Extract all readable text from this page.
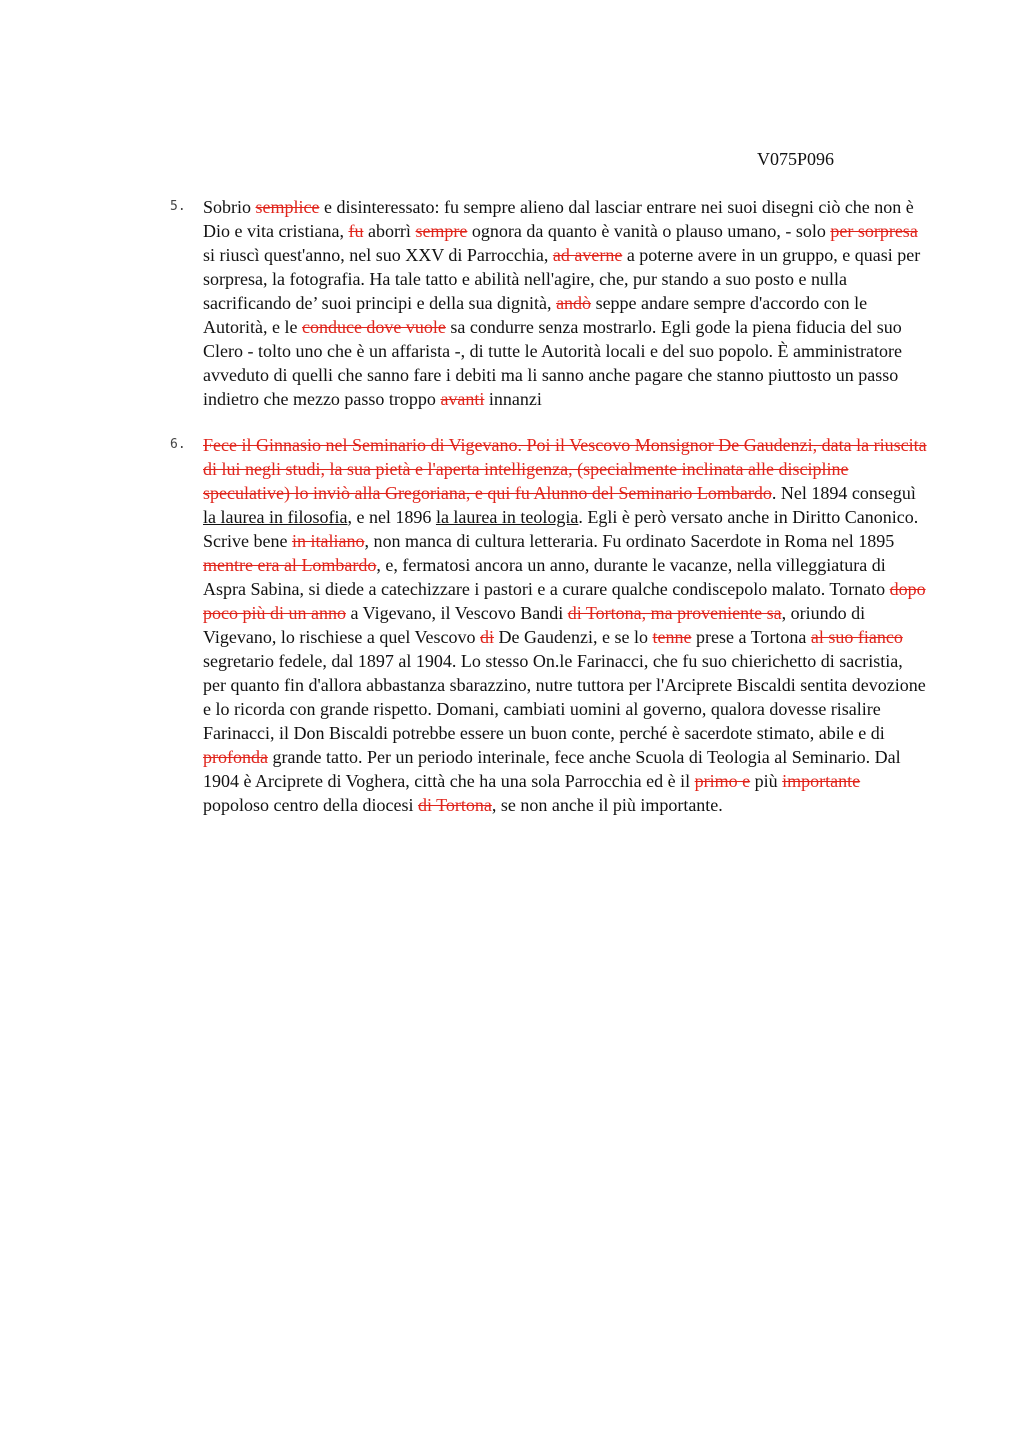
V075P096
5. Sobrio semplice e disinteressato: fu sempre alieno dal lasciar entrare nei suoi disegni ciò che non è Dio e vita cristiana, fu aborrì sempre ognora da quanto è vanità o plauso umano, - solo per sorpresa si riuscì quest'anno, nel suo XXV di Parrocchia, ad averne a poterne avere in un gruppo, e quasi per sorpresa, la fotografia. Ha tale tatto e abilità nell'agire, che, pur stando a suo posto e nulla sacrificando de’ suoi principi e della sua dignità, andò seppe andare sempre d'accordo con le Autorità, e le conduce dove vuole sa condurre senza mostrarlo. Egli gode la piena fiducia del suo Clero - tolto uno che è un affarista -, di tutte le Autorità locali e del suo popolo. È amministratore avveduto di quelli che sanno fare i debiti ma li sanno anche pagare che stanno piuttosto un passo indietro che mezzo passo troppo avanti innanzi
6. Fece il Ginnasio nel Seminario di Vigevano. Poi il Vescovo Monsignor De Gaudenzi, data la riuscita di lui negli studi, la sua pietà e l'aperta intelligenza, (specialmente inclinata alle discipline speculative) lo inviò alla Gregoriana, e qui fu Alunno del Seminario Lombardo. Nel 1894 conseguì la laurea in filosofia, e nel 1896 la laurea in teologia. Egli è però versato anche in Diritto Canonico. Scrive bene in italiano, non manca di cultura letteraria. Fu ordinato Sacerdote in Roma nel 1895 mentre era al Lombardo, e, fermatosi ancora un anno, durante le vacanze, nella villeggiatura di Aspra Sabina, si diede a catechizzare i pastori e a curare qualche condiscepolo malato. Tornato dopo poco più di un anno a Vigevano, il Vescovo Bandi di Tortona, ma proveniente sa, oriundo di Vigevano, lo rischiese a quel Vescovo di De Gaudenzi, e se lo tenne prese a Tortona al suo fianco segretario fedele, dal 1897 al 1904. Lo stesso On.le Farinacci, che fu suo chierichetto di sacristia, per quanto fin d'allora abbastanza sbarazzino, nutre tuttora per l'Arciprete Biscaldi sentita devozione e lo ricorda con grande rispetto. Domani, cambiati uomini al governo, qualora dovesse risalire Farinacci, il Don Biscaldi potrebbe essere un buon conte, perché è sacerdote stimato, abile e di profonda grande tatto. Per un periodo interinale, fece anche Scuola di Teologia al Seminario. Dal 1904 è Arciprete di Voghera, città che ha una sola Parrocchia ed è il primo e più importante popoloso centro della diocesi di Tortona, se non anche il più importante.
